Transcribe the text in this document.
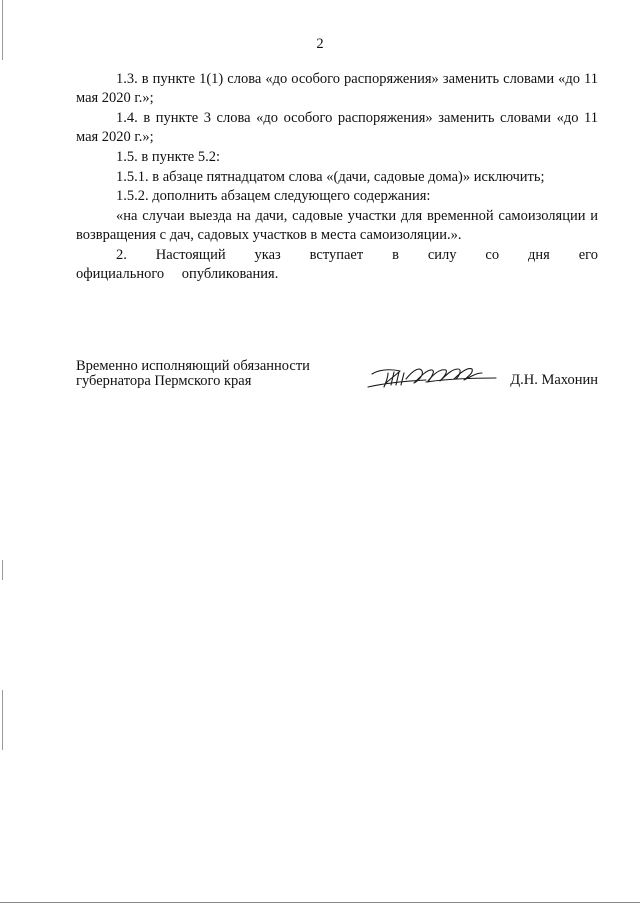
2

1.3. в пункте 1(1) слова «до особого распоряжения» заменить словами «до 11 мая 2020 г.»;

1.4. в пункте 3 слова «до особого распоряжения» заменить словами «до 11 мая 2020 г.»;

1.5. в пункте 5.2:

1.5.1. в абзаце пятнадцатом слова «(дачи, садовые дома)» исключить;

1.5.2. дополнить абзацем следующего содержания:

«на случаи выезда на дачи, садовые участки для временной самоизоляции и возвращения с дач, садовых участков в места самоизоляции.».

2. Настоящий указ вступает в силу со дня его официального опубликования.

Временно исполняющий обязанности
губернатора Пермского края	Д.Н. Махонин
